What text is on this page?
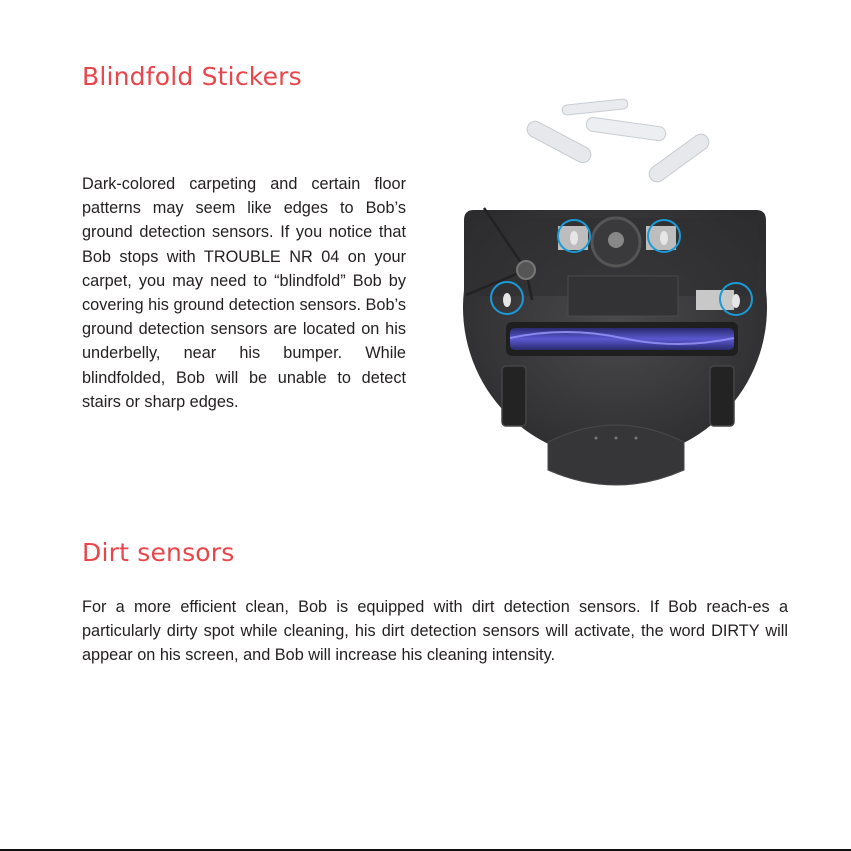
Blindfold Stickers

Dark-colored carpeting and certain floor patterns may seem like edges to Bob’s ground detection sensors. If you notice that Bob stops with TROUBLE NR 04 on your carpet, you may need to “blindfold” Bob by covering his ground detection sensors. Bob’s ground detection sensors are located on his underbelly, near his bumper. While blindfolded, Bob will be unable to detect stairs or sharp edges.

Dirt sensors

For a more efficient clean, Bob is equipped with dirt detection sensors. If Bob reach-es a particularly dirty spot while cleaning, his dirt detection sensors will activate, the word DIRTY will appear on his screen, and Bob will increase his cleaning intensity.
